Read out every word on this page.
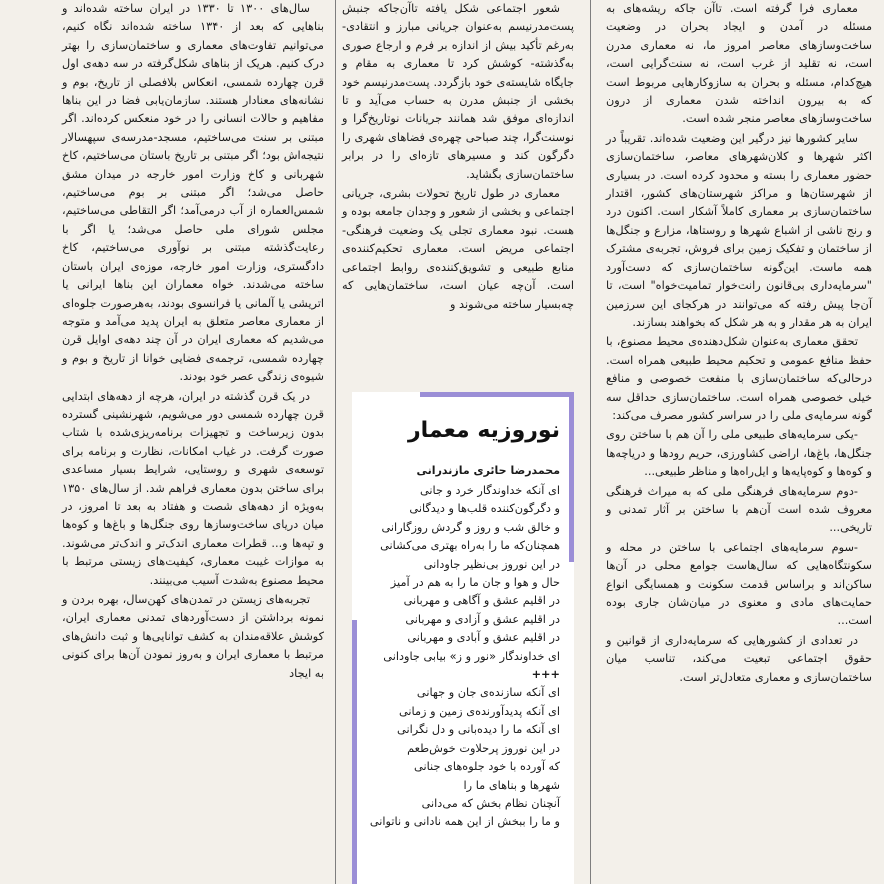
معماری فرا گرفته است. تاآن جاکه ریشه‌های به مسئله در آمدن و ایجاد بحران در وضعیت ساخت‌وسازهای معاصر امروز ما، نه معماری مدرن است، نه تقلید از غرب است، نه سنت‌گرایی است، هیچ‌کدام، مسئله و بحران به سازوکارهایی مربوط است که به بیرون انداخته شدن معماری از درون ساخت‌وسازهای معاصر منجر شده است.

سایر کشورها نیز درگیر این وضعیت شده‌اند. تقریباً در اکثر شهرها و کلان‌شهرهای معاصر، ساختمان‌سازی حضور معماری را بسته و محدود کرده است. در بسیاری از شهرستان‌ها و مراکز شهرستان‌های کشور، اقتدار ساختمان‌سازی بر معماری کاملاً آشکار است. اکنون درد و رنج ناشی از اشباع شهرها و روستاها، مزارع و جنگل‌ها از ساختمان و تفکیک زمین برای فروش، تجربه‌ی مشترک همه ماست. این‌گونه ساختمان‌سازی که دست‌آورد "سرمایه‌داری بی‌قانون رانت‌خوار تمامیت‌خواه" است، تا آن‌جا پیش رفته که می‌توانند در هرکجای این سرزمین ایران به هر مقدار و به هر شکل که بخواهند بسازند.

تحقق معماری به‌عنوان شکل‌دهنده‌ی محیط مصنوع، با حفظ منافع عمومی و تحکیم محیط طبیعی همراه است. درحالی‌که ساختمان‌سازی با منفعت خصوصی و منافع خیلی خصوصی همراه است. ساختمان‌سازی حداقل سه گونه سرمایه‌ی ملی را در سراسر کشور مصرف می‌کند:

-یکی سرمایه‌های طبیعی ملی را آن هم با ساختن روی جنگل‌ها، باغ‌ها، اراضی کشاورزی، حریم رودها و دریاچه‌ها و کوه‌ها و کوه‌پایه‌ها و ایل‌راه‌ها و مناظر طبیعی...

-دوم سرمایه‌های فرهنگی ملی که به میراث فرهنگی معروف شده است آن‌هم با ساختن بر آثار تمدنی و تاریخی...

-سوم سرمایه‌های اجتماعی با ساختن در محله و سکونتگاه‌هایی که سال‌هاست جوامع محلی در آن‌ها ساکن‌اند و براساس قدمت سکونت و همسایگی انواع حمایت‌های مادی و معنوی در میان‌شان جاری بوده است...

در تعدادی از کشورهایی که سرمایه‌داری از قوانین و حقوق اجتماعی تبعیت می‌کند، تناسب میان ساختمان‌سازی و معماری متعادل‌تر است.

شعور اجتماعی شکل یافته تاآن‌جاکه جنبش پست‌مدرنیسم به‌عنوان جریانی مبارز و انتقادی- به‌رغم تأکید بیش از اندازه بر فرم و ارجاع صوری به‌گذشته- کوشش کرد تا معماری به مقام و جایگاه شایسته‌ی خود بازگردد. پست‌مدرنیسم خود بخشی از جنبش مدرن به حساب می‌آید و تا اندازه‌ای موفق شد همانند جریانات نوتاریخ‌گرا و نوسنت‌گرا، چند صباحی چهره‌ی فضاهای شهری را دگرگون کند و مسیرهای تازه‌ای را در برابر ساختمان‌سازی بگشاید.

معماری در طول تاریخ تحولات بشری، جریانی اجتماعی و بخشی از شعور و وجدان جامعه بوده و هست. نبود معماری تجلی یک وضعیت فرهنگی-اجتماعی مریض است. معماری تحکیم‌کننده‌ی منابع طبیعی و تشویق‌کننده‌ی روابط اجتماعی است. آن‌چه عیان است، ساختمان‌هایی که چه‌بسیار ساخته می‌شوند و

سال‌های ۱۳۰۰ تا ۱۳۳۰ در ایران ساخته شده‌اند و بناهایی که بعد از ۱۳۴۰ ساخته شده‌اند نگاه کنیم، می‌توانیم تفاوت‌های معماری و ساختمان‌سازی را بهتر درک کنیم. هریک از بناهای شکل‌گرفته در سه دهه‌ی اول قرن چهارده شمسی، انعکاس بلافصلی از تاریخ، بوم و نشانه‌های معنادار هستند. سازمان‌یابی فضا در این بناها مفاهیم و حالات انسانی را در خود منعکس کرده‌اند. اگر مبتنی بر سنت می‌ساختیم، مسجد-مدرسه‌ی سپهسالار نتیجه‌اش بود؛ اگر مبتنی بر تاریخ باستان می‌ساختیم، کاخ شهربانی و کاخ وزارت امور خارجه در میدان مشق حاصل می‌شد؛ اگر مبتنی بر بوم می‌ساختیم، شمس‌العماره از آب درمی‌آمد؛ اگر التقاطی می‌ساختیم، مجلس شورای ملی حاصل می‌شد؛ یا اگر با رعایت‌گذشته مبتنی بر نوآوری می‌ساختیم، کاخ دادگستری، وزارت امور خارجه، موزه‌ی ایران باستان ساخته می‌شدند. خواه معماران این بناها ایرانی یا اتریشی یا آلمانی یا فرانسوی بودند، به‌هرصورت جلوه‌ای از معماری معاصر متعلق به ایران پدید می‌آمد و متوجه می‌شدیم که معماری ایران در آن چند دهه‌ی اوایل قرن چهارده شمسی، ترجمه‌ی فضایی خوانا از تاریخ و بوم و شیوه‌ی زندگی عصر خود بودند.

در یک قرن گذشته در ایران، هرچه از دهه‌های ابتدایی قرن چهارده شمسی دور می‌شویم، شهرنشینی گسترده بدون زیرساخت و تجهیزات برنامه‌ریزی‌شده با شتاب صورت گرفت. در غیاب امکانات، نظارت و برنامه برای توسعه‌ی شهری و روستایی، شرایط بسیار مساعدی برای ساختن بدون معماری فراهم شد. از سال‌های ۱۳۵۰ به‌ویژه از دهه‌های شصت و هفتاد به بعد تا امروز، در میان دریای ساخت‌وسازها روی جنگل‌ها و باغ‌ها و کوه‌ها و تپه‌ها و... قطرات معماری اندک‌تر و اندک‌تر می‌شوند. به موازات غیبت معماری، کیفیت‌های زیستی مرتبط با محیط مصنوع به‌شدت آسیب می‌بینند.

تجربه‌های زیستن در تمدن‌های کهن‌سال، بهره بردن و نمونه برداشتن از دست‌آوردهای تمدنی معماری ایران، کوشش علاقه‌مندان به کشف توانایی‌ها و ثبت دانش‌های مرتبط با معماری ایران و به‌روز نمودن آن‌ها برای کنونی به ایجاد

نوروزیه معمار
محمدرضا حائری مازندرانی
ای آنکه خداوندگار خرد و جانی
و دگرگون‌کننده قلب‌ها و دیدگانی
و خالق شب و روز و گردش روزگارانی
همچنان‌که ما را به‌راه بهتری می‌کشانی
در این نوروز بی‌نظیر جاودانی
حال و هوا و جان ما را به هم در آمیز
در اقلیم عشق و آگاهی و مهربانی
در اقلیم عشق و آزادی و مهربانی
در اقلیم عشق و آبادی و مهربانی
ای خداوندگار «نور و ز» بیابی جاودانی
+++
ای آنکه سازنده‌ی جان و جهانی
ای آنکه پدیدآورنده‌ی زمین و زمانی
ای آنکه ما را دیده‌بانی و دل نگرانی
در این نوروز پرحلاوت خوش‌طعم
که آورده‌ با خود جلوه‌های جنانی
شهرها و بناهای ما را
آنچنان نظام‌ بخش که می‌دانی
و ما را ببخش از این همه نادانی و ناتوانی
